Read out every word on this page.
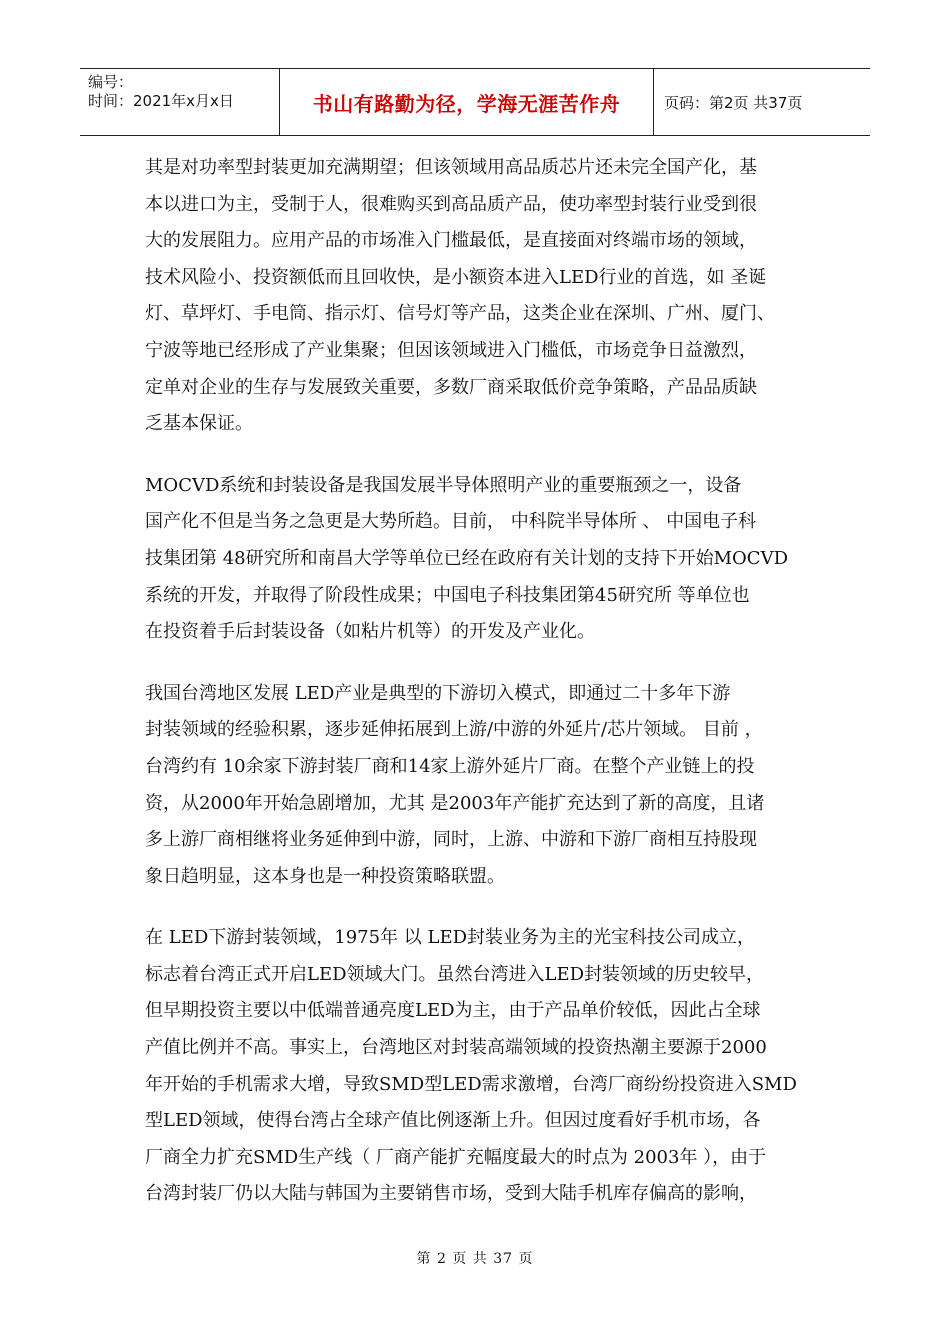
编号：
时间：2021年x月x日	书山有路勤为径，学海无涯苦作舟	页码：第2页 共37页

其是对功率型封装更加充满期望；但该领域用高品质芯片还未完全国产化，基

本以进口为主，受制于人，很难购买到高品质产品，使功率型封装行业受到很

大的发展阻力。应用产品的市场准入门槛最低，是直接面对终端市场的领域，

技术风险小、投资额低而且回收快，是小额资本进入LED行业的首选，如 圣诞

灯、草坪灯、手电筒、指示灯、信号灯等产品，这类企业在深圳、广州、厦门、

宁波等地已经形成了产业集聚；但因该领域进入门槛低，市场竞争日益激烈，

定单对企业的生存与发展致关重要，多数厂商采取低价竞争策略，产品品质缺

乏基本保证。

MOCVD系统和封装设备是我国发展半导体照明产业的重要瓶颈之一，设备

国产化不但是当务之急更是大势所趋。目前， 中科院半导体所 、 中国电子科

技集团第 48研究所和南昌大学等单位已经在政府有关计划的支持下开始MOCVD

系统的开发，并取得了阶段性成果；中国电子科技集团第45研究所 等单位也

在投资着手后封装设备（如粘片机等）的开发及产业化。

我国台湾地区发展 LED产业是典型的下游切入模式，即通过二十多年下游

封装领域的经验积累，逐步延伸拓展到上游/中游的外延片/芯片领域。 目前 ，

台湾约有 10余家下游封装厂商和14家上游外延片厂商。在整个产业链上的投

资，从2000年开始急剧增加，尤其 是2003年产能扩充达到了新的高度，且诸

多上游厂商相继将业务延伸到中游，同时，上游、中游和下游厂商相互持股现

象日趋明显，这本身也是一种投资策略联盟。

在 LED下游封装领域，1975年 以 LED封装业务为主的光宝科技公司成立，

标志着台湾正式开启LED领域大门。虽然台湾进入LED封装领域的历史较早，

但早期投资主要以中低端普通亮度LED为主，由于产品单价较低，因此占全球

产值比例并不高。事实上，台湾地区对封装高端领域的投资热潮主要源于2000

年开始的手机需求大增，导致SMD型LED需求激增，台湾厂商纷纷投资进入SMD

型LED领域，使得台湾占全球产值比例逐渐上升。但因过度看好手机市场，各

厂商全力扩充SMD生产线（ 厂商产能扩充幅度最大的时点为 2003年 ），由于

台湾封装厂仍以大陆与韩国为主要销售市场，受到大陆手机库存偏高的影响，

第 2 页 共 37 页
